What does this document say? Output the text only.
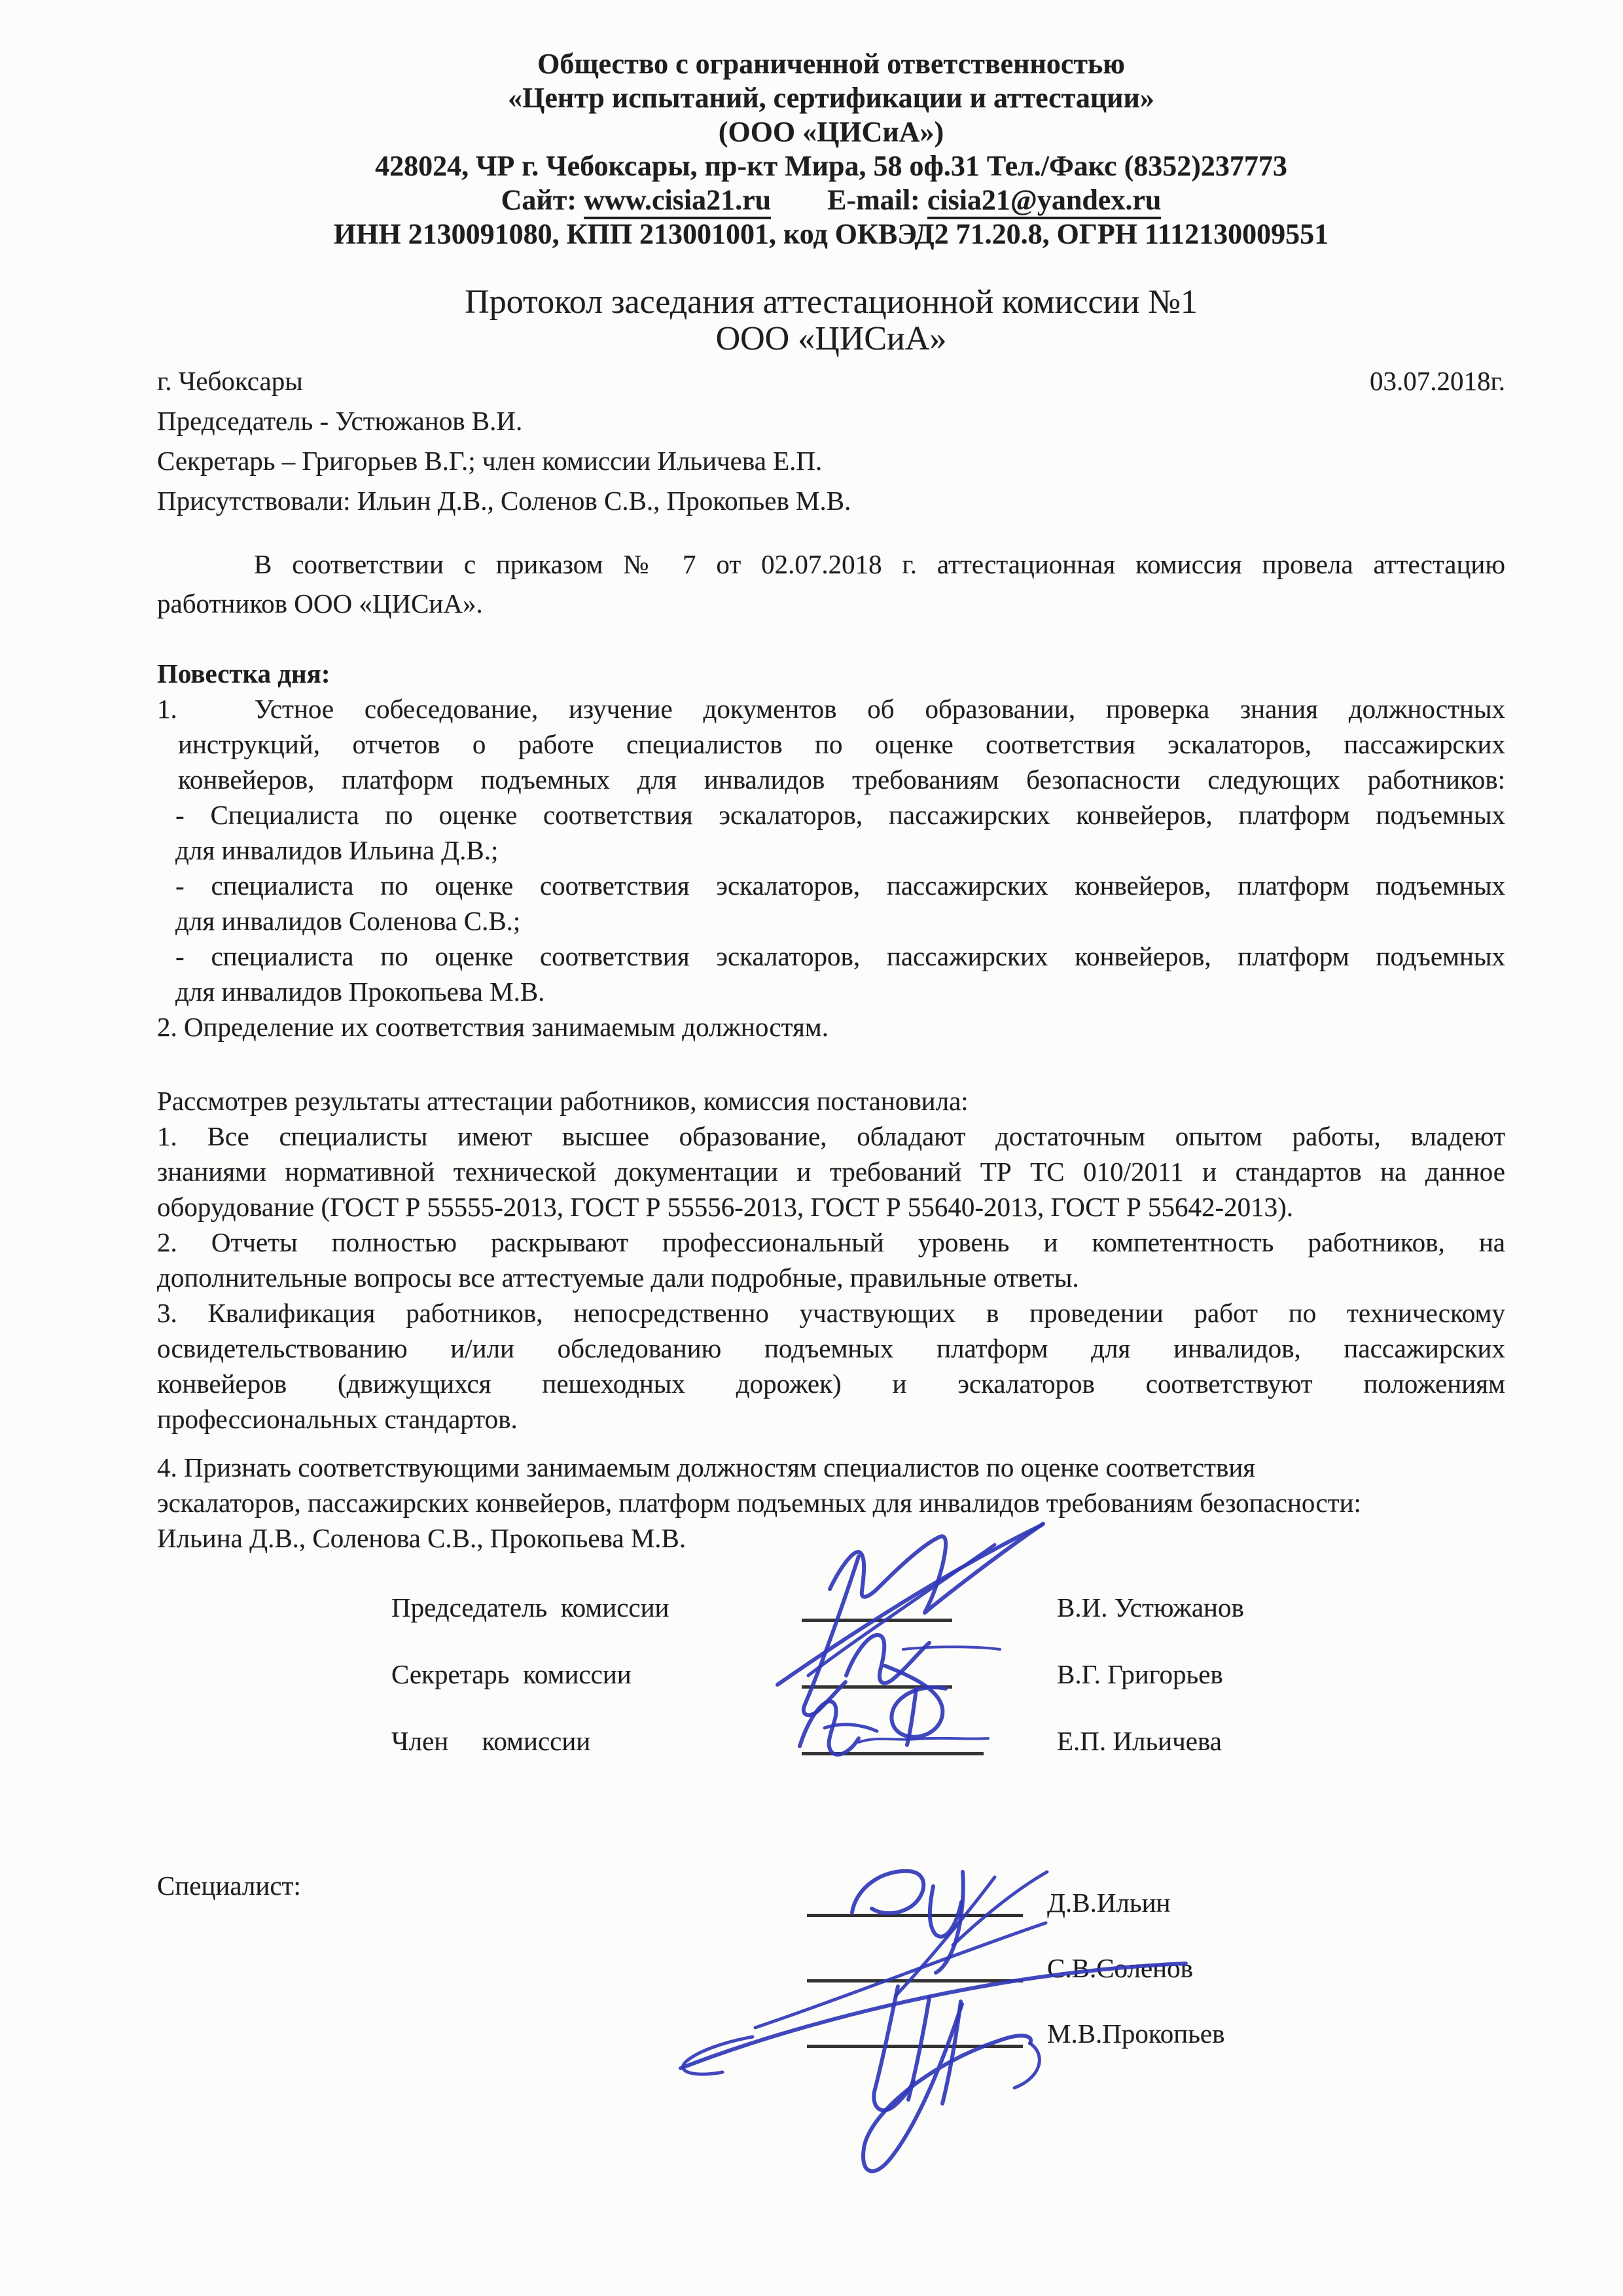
Общество с ограниченной ответственностью

«Центр испытаний, сертификации и аттестации»

(ООО «ЦИСиА»)

428024, ЧР г. Чебоксары, пр-кт Мира, 58 оф.31 Тел./Факс (8352)237773

Сайт: www.cisia21.ru E-mail: cisia21@yandex.ru

ИНН 2130091080, КПП 213001001, код ОКВЭД2 71.20.8, ОГРН 1112130009551

Протокол заседания аттестационной комиссии №1

ООО «ЦИСиА»

г. Чебоксары	03.07.2018г.

Председатель - Устюжанов В.И.

Секретарь – Григорьев В.Г.; член комиссии Ильичева Е.П.

Присутствовали: Ильин Д.В., Соленов С.В., Прокопьев М.В.

В соответствии с приказом № 7 от 02.07.2018 г. аттестационная комиссия провела аттестацию
работников ООО «ЦИСиА».

Повестка дня:

1.	Устное собеседование, изучение документов об образовании, проверка знания должностных
инструкций, отчетов о работе специалистов по оценке соответствия эскалаторов, пассажирских
конвейеров, платформ подъемных для инвалидов требованиям безопасности следующих работников:
- Специалиста по оценке соответствия эскалаторов, пассажирских конвейеров, платформ подъемных
для инвалидов Ильина Д.В.;
- специалиста по оценке соответствия эскалаторов, пассажирских конвейеров, платформ подъемных
для инвалидов Соленова С.В.;
- специалиста по оценке соответствия эскалаторов, пассажирских конвейеров, платформ подъемных
для инвалидов Прокопьева М.В.

2. Определение их соответствия занимаемым должностям.

Рассмотрев результаты аттестации работников, комиссия постановила:

1. Все специалисты имеют высшее образование, обладают достаточным опытом работы, владеют
знаниями нормативной технической документации и требований ТР ТС 010/2011 и стандартов на данное
оборудование (ГОСТ Р 55555-2013, ГОСТ Р 55556-2013, ГОСТ Р 55640-2013, ГОСТ Р 55642-2013).
2. Отчеты полностью раскрывают профессиональный уровень и компетентность работников, на
дополнительные вопросы все аттестуемые дали подробные, правильные ответы.
3. Квалификация работников, непосредственно участвующих в проведении работ по техническому
освидетельствованию и/или обследованию подъемных платформ для инвалидов, пассажирских
конвейеров (движущихся пешеходных дорожек) и эскалаторов соответствуют положениям
профессиональных стандартов.
4. Признать соответствующими занимаемым должностям специалистов по оценке соответствия
эскалаторов, пассажирских конвейеров, платформ подъемных для инвалидов требованиям безопасности:
Ильина Д.В., Соленова С.В., Прокопьева М.В.
Председатель  комиссии	В.И. Устюжанов
Секретарь  комиссии	В.Г. Григорьев
Член     комиссии	Е.П. Ильичева
Специалист:
Д.В.Ильин
С.В.Соленов
М.В.Прокопьев
